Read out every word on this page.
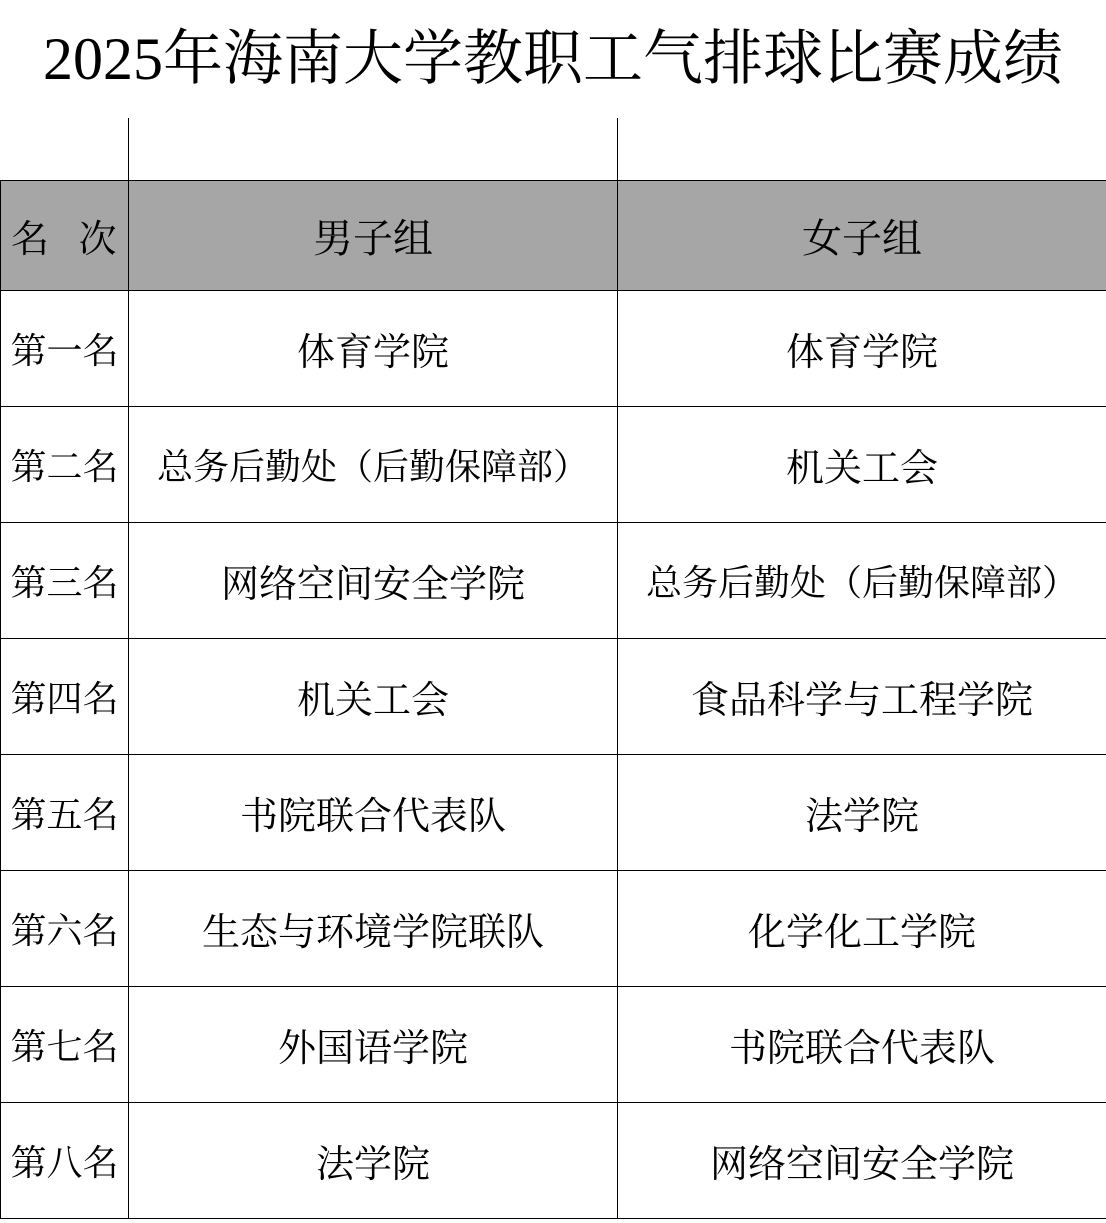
2025年海南大学教职工气排球比赛成绩

名 次	男子组	女子组
第一名	体育学院	体育学院
第二名	总务后勤处（后勤保障部）	机关工会
第三名	网络空间安全学院	总务后勤处（后勤保障部）
第四名	机关工会	食品科学与工程学院
第五名	书院联合代表队	法学院
第六名	生态与环境学院联队	化学化工学院
第七名	外国语学院	书院联合代表队
第八名	法学院	网络空间安全学院
